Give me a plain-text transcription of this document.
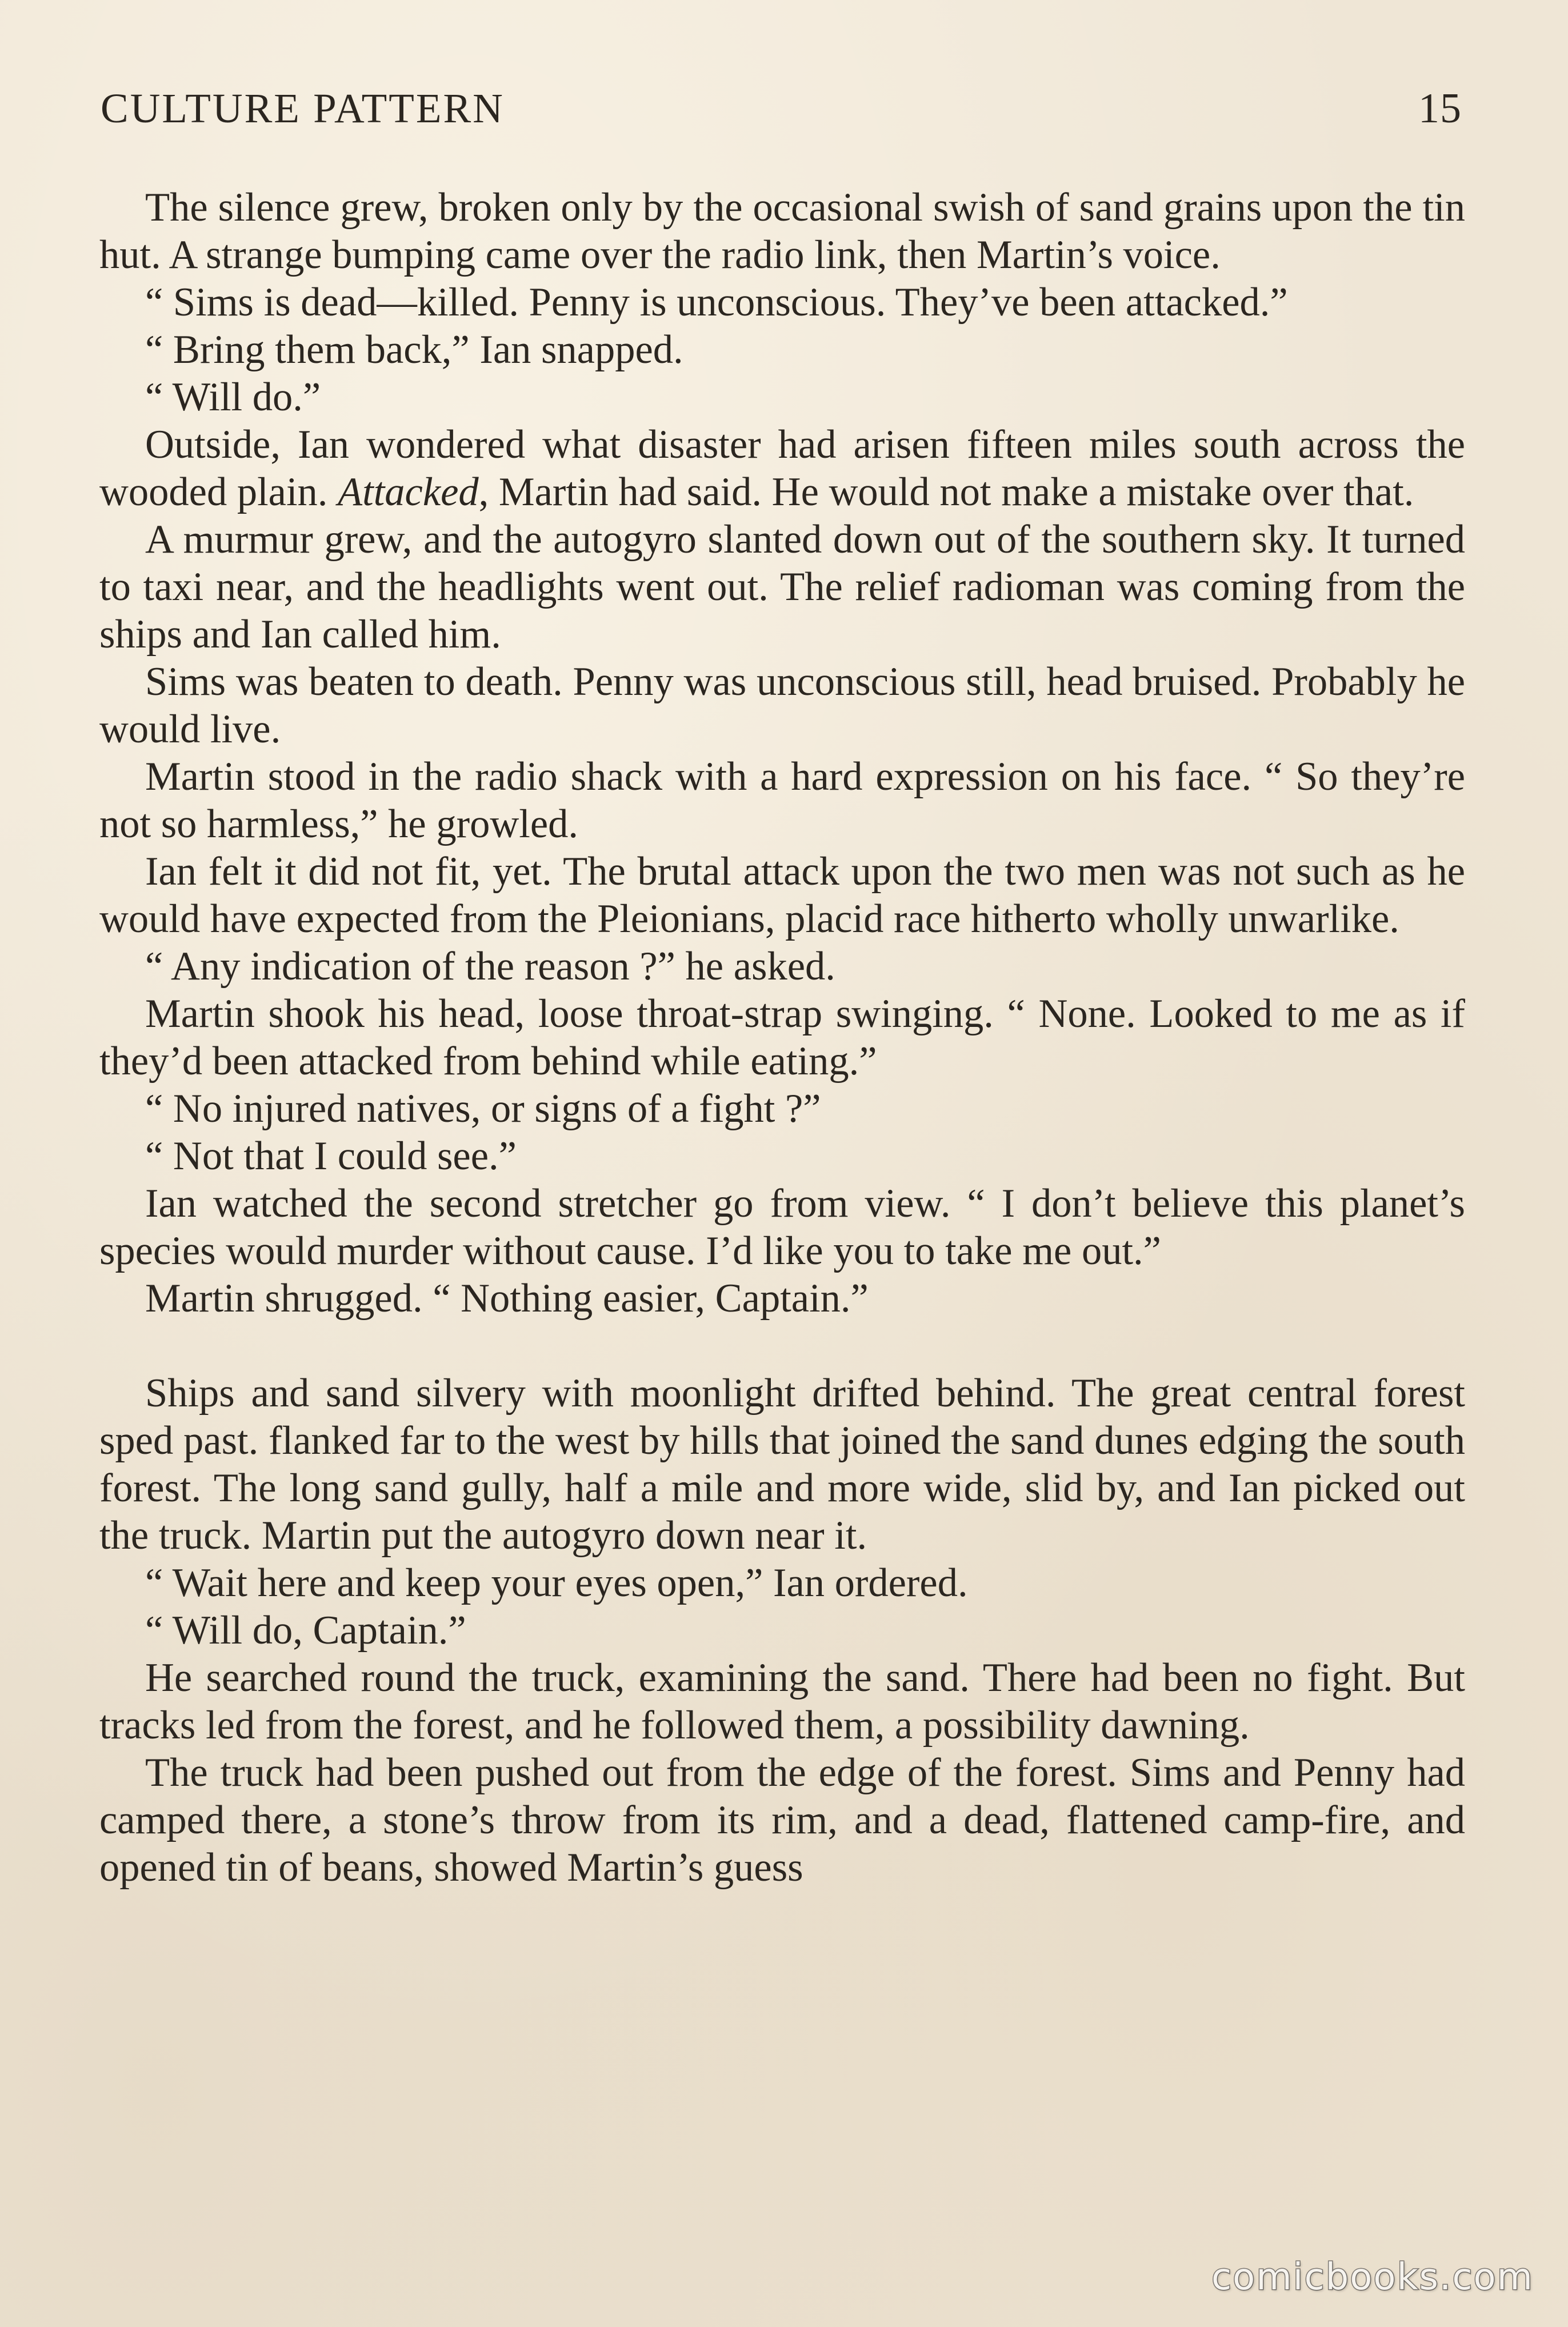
CULTURE PATTERN	15

The silence grew, broken only by the occasional swish of sand grains upon the tin hut. A strange bumping came over the radio link, then Martin’s voice.

“ Sims is dead—killed. Penny is unconscious. They’ve been attacked.”

“ Bring them back,” Ian snapped.

“ Will do.”

Outside, Ian wondered what disaster had arisen fifteen miles south across the wooded plain. Attacked, Martin had said. He would not make a mistake over that.

A murmur grew, and the autogyro slanted down out of the southern sky. It turned to taxi near, and the headlights went out. The relief radioman was coming from the ships and Ian called him.

Sims was beaten to death. Penny was unconscious still, head bruised. Probably he would live.

Martin stood in the radio shack with a hard expression on his face. “ So they’re not so harmless,” he growled.

Ian felt it did not fit, yet. The brutal attack upon the two men was not such as he would have expected from the Pleionians, placid race hitherto wholly unwarlike.

“ Any indication of the reason ?” he asked.

Martin shook his head, loose throat-strap swinging. “ None. Looked to me as if they’d been attacked from behind while eating.”

“ No injured natives, or signs of a fight ?”

“ Not that I could see.”

Ian watched the second stretcher go from view. “ I don’t believe this planet’s species would murder without cause. I’d like you to take me out.”

Martin shrugged. “ Nothing easier, Captain.”

Ships and sand silvery with moonlight drifted behind. The great central forest sped past. flanked far to the west by hills that joined the sand dunes edging the south forest. The long sand gully, half a mile and more wide, slid by, and Ian picked out the truck. Martin put the autogyro down near it.

“ Wait here and keep your eyes open,” Ian ordered.

“ Will do, Captain.”

He searched round the truck, examining the sand. There had been no fight. But tracks led from the forest, and he followed them, a possibility dawning.

The truck had been pushed out from the edge of the forest. Sims and Penny had camped there, a stone’s throw from its rim, and a dead, flattened camp-fire, and opened tin of beans, showed Martin’s guess

comicbooks.com
